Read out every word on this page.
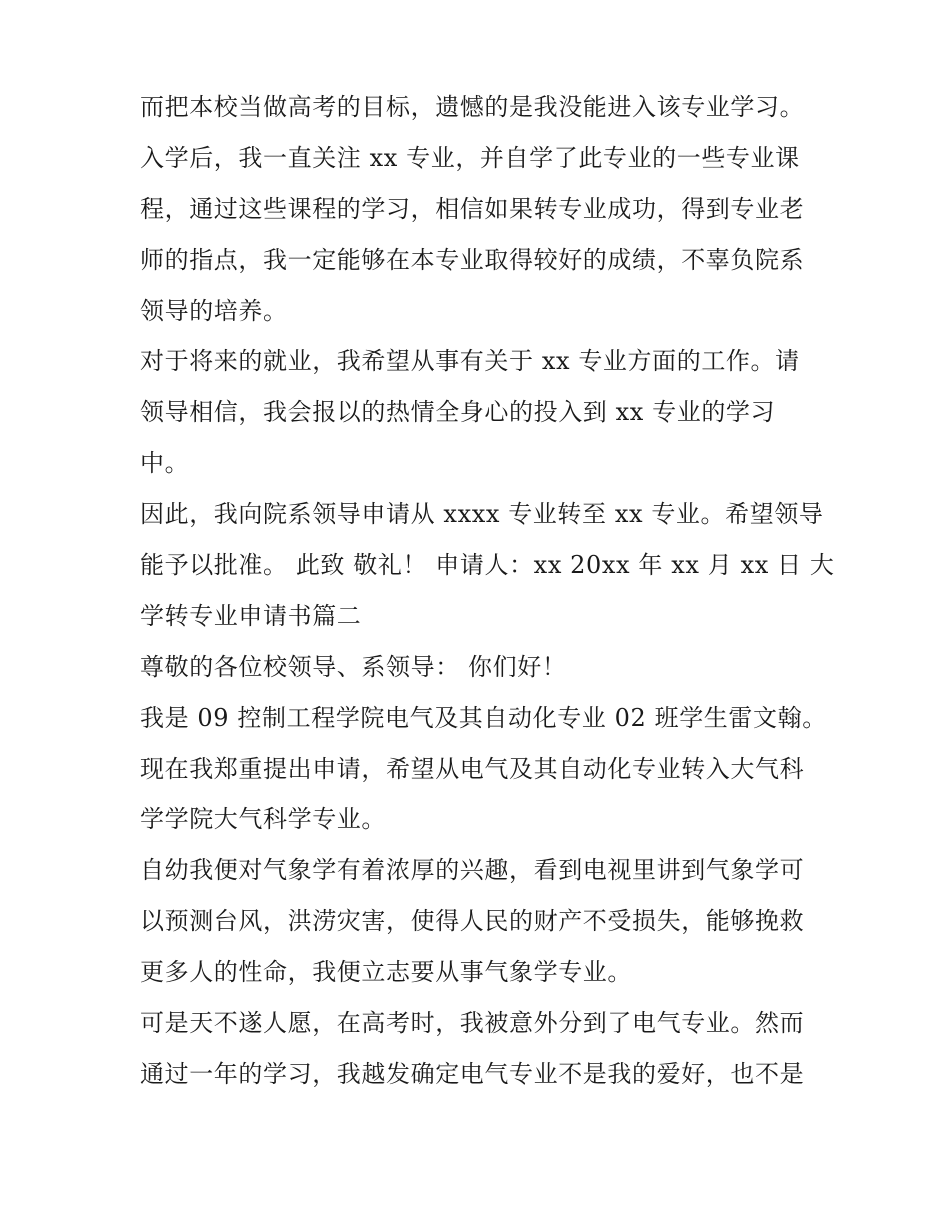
而把本校当做高考的目标，遗憾的是我没能进入该专业学习。
入学后，我一直关注 xx 专业，并自学了此专业的一些专业课
程，通过这些课程的学习，相信如果转专业成功，得到专业老
师的指点，我一定能够在本专业取得较好的成绩，不辜负院系
领导的培养。
对于将来的就业，我希望从事有关于 xx 专业方面的工作。请
领导相信，我会报以的热情全身心的投入到 xx 专业的学习
中。
因此，我向院系领导申请从 xxxx 专业转至 xx 专业。希望领导
能予以批准。 此致 敬礼！ 申请人：xx 20xx 年 xx 月 xx 日 大
学转专业申请书篇二
尊敬的各位校领导、系领导： 你们好！
我是 09 控制工程学院电气及其自动化专业 02 班学生雷文翰。
现在我郑重提出申请，希望从电气及其自动化专业转入大气科
学学院大气科学专业。
自幼我便对气象学有着浓厚的兴趣，看到电视里讲到气象学可
以预测台风，洪涝灾害，使得人民的财产不受损失，能够挽救
更多人的性命，我便立志要从事气象学专业。
可是天不遂人愿，在高考时，我被意外分到了电气专业。然而
通过一年的学习，我越发确定电气专业不是我的爱好，也不是
